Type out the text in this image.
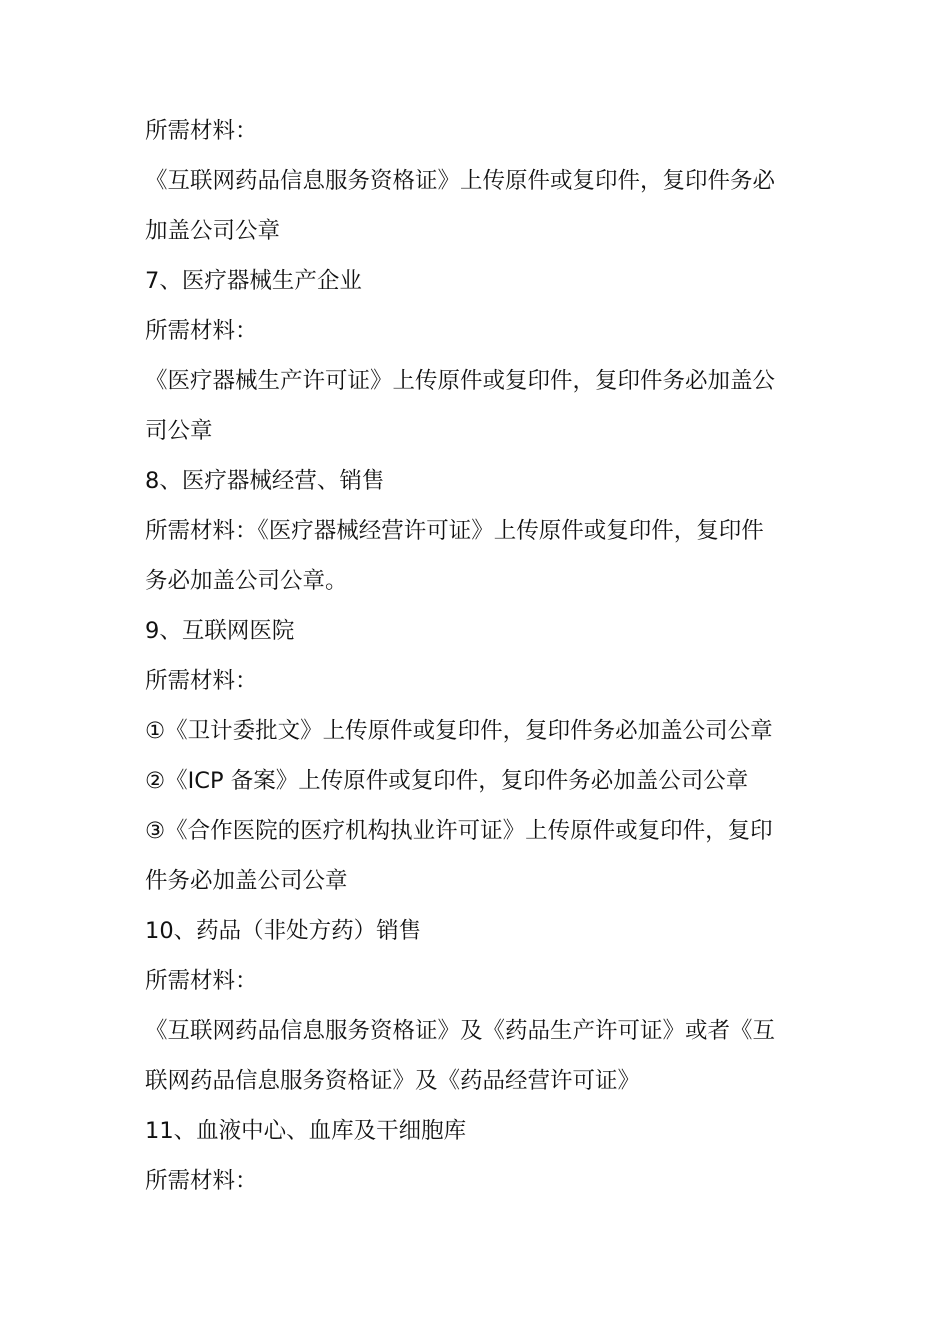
所需材料：
《互联网药品信息服务资格证》上传原件或复印件，复印件务必
加盖公司公章
7、医疗器械生产企业
所需材料：
《医疗器械生产许可证》上传原件或复印件，复印件务必加盖公
司公章
8、医疗器械经营、销售
所需材料：《医疗器械经营许可证》上传原件或复印件，复印件
务必加盖公司公章。
9、互联网医院
所需材料：
①《卫计委批文》上传原件或复印件，复印件务必加盖公司公章
②《ICP 备案》上传原件或复印件，复印件务必加盖公司公章
③《合作医院的医疗机构执业许可证》上传原件或复印件，复印
件务必加盖公司公章
10、药品（非处方药）销售
所需材料：
《互联网药品信息服务资格证》及《药品生产许可证》或者《互
联网药品信息服务资格证》及《药品经营许可证》
11、血液中心、血库及干细胞库
所需材料：
